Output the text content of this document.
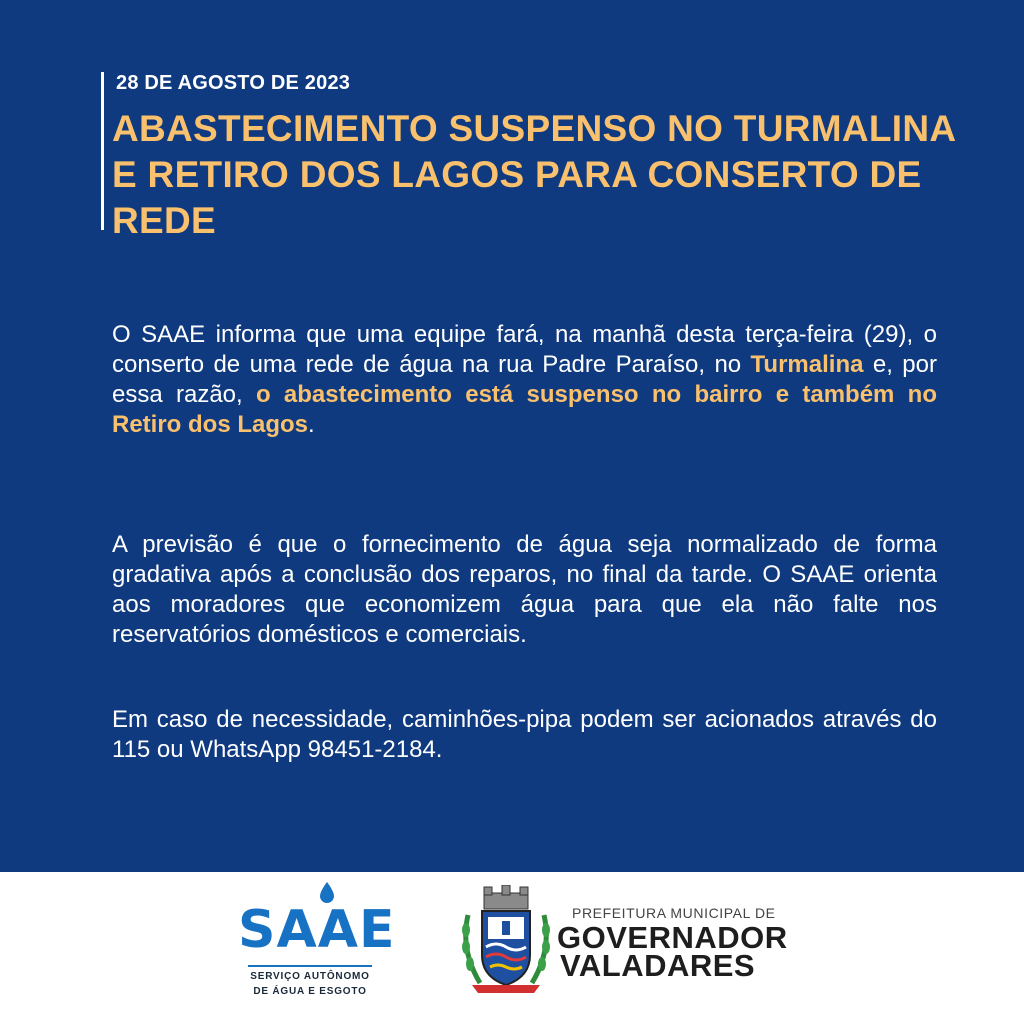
28 DE AGOSTO DE 2023
ABASTECIMENTO SUSPENSO NO TURMALINA E RETIRO DOS LAGOS PARA CONSERTO DE REDE
O SAAE informa que uma equipe fará, na manhã desta terça-feira (29), o conserto de uma rede de água na rua Padre Paraíso, no Turmalina e, por essa razão, o abastecimento está suspenso no bairro e também no Retiro dos Lagos.
A previsão é que o fornecimento de água seja normalizado de forma gradativa após a conclusão dos reparos, no final da tarde. O SAAE orienta aos moradores que economizem água para que ela não falte nos reservatórios domésticos e comerciais.
Em caso de necessidade, caminhões-pipa podem ser acionados através do 115 ou WhatsApp 98451-2184.
SAAE
SERVIÇO AUTÔNOMO
DE ÁGUA E ESGOTO
PREFEITURA MUNICIPAL DE
GOVERNADOR
VALADARES
